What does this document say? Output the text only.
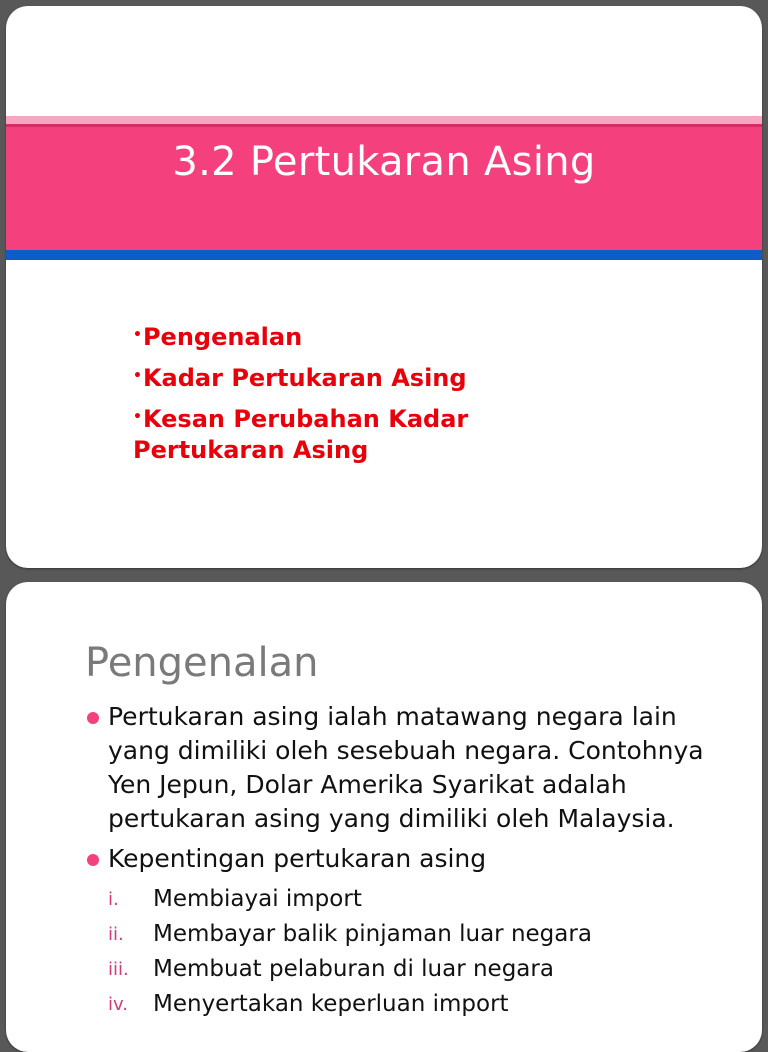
3.2 Pertukaran Asing
•Pengenalan
•Kadar Pertukaran Asing
•Kesan Perubahan Kadar Pertukaran Asing
Pengenalan
Pertukaran asing ialah matawang negara lain yang dimiliki oleh sesebuah negara. Contohnya Yen Jepun, Dolar Amerika Syarikat adalah pertukaran asing yang dimiliki oleh Malaysia.
Kepentingan pertukaran asing
i. Membiayai import
ii. Membayar balik pinjaman luar negara
iii. Membuat pelaburan di luar negara
iv. Menyertakan keperluan import
